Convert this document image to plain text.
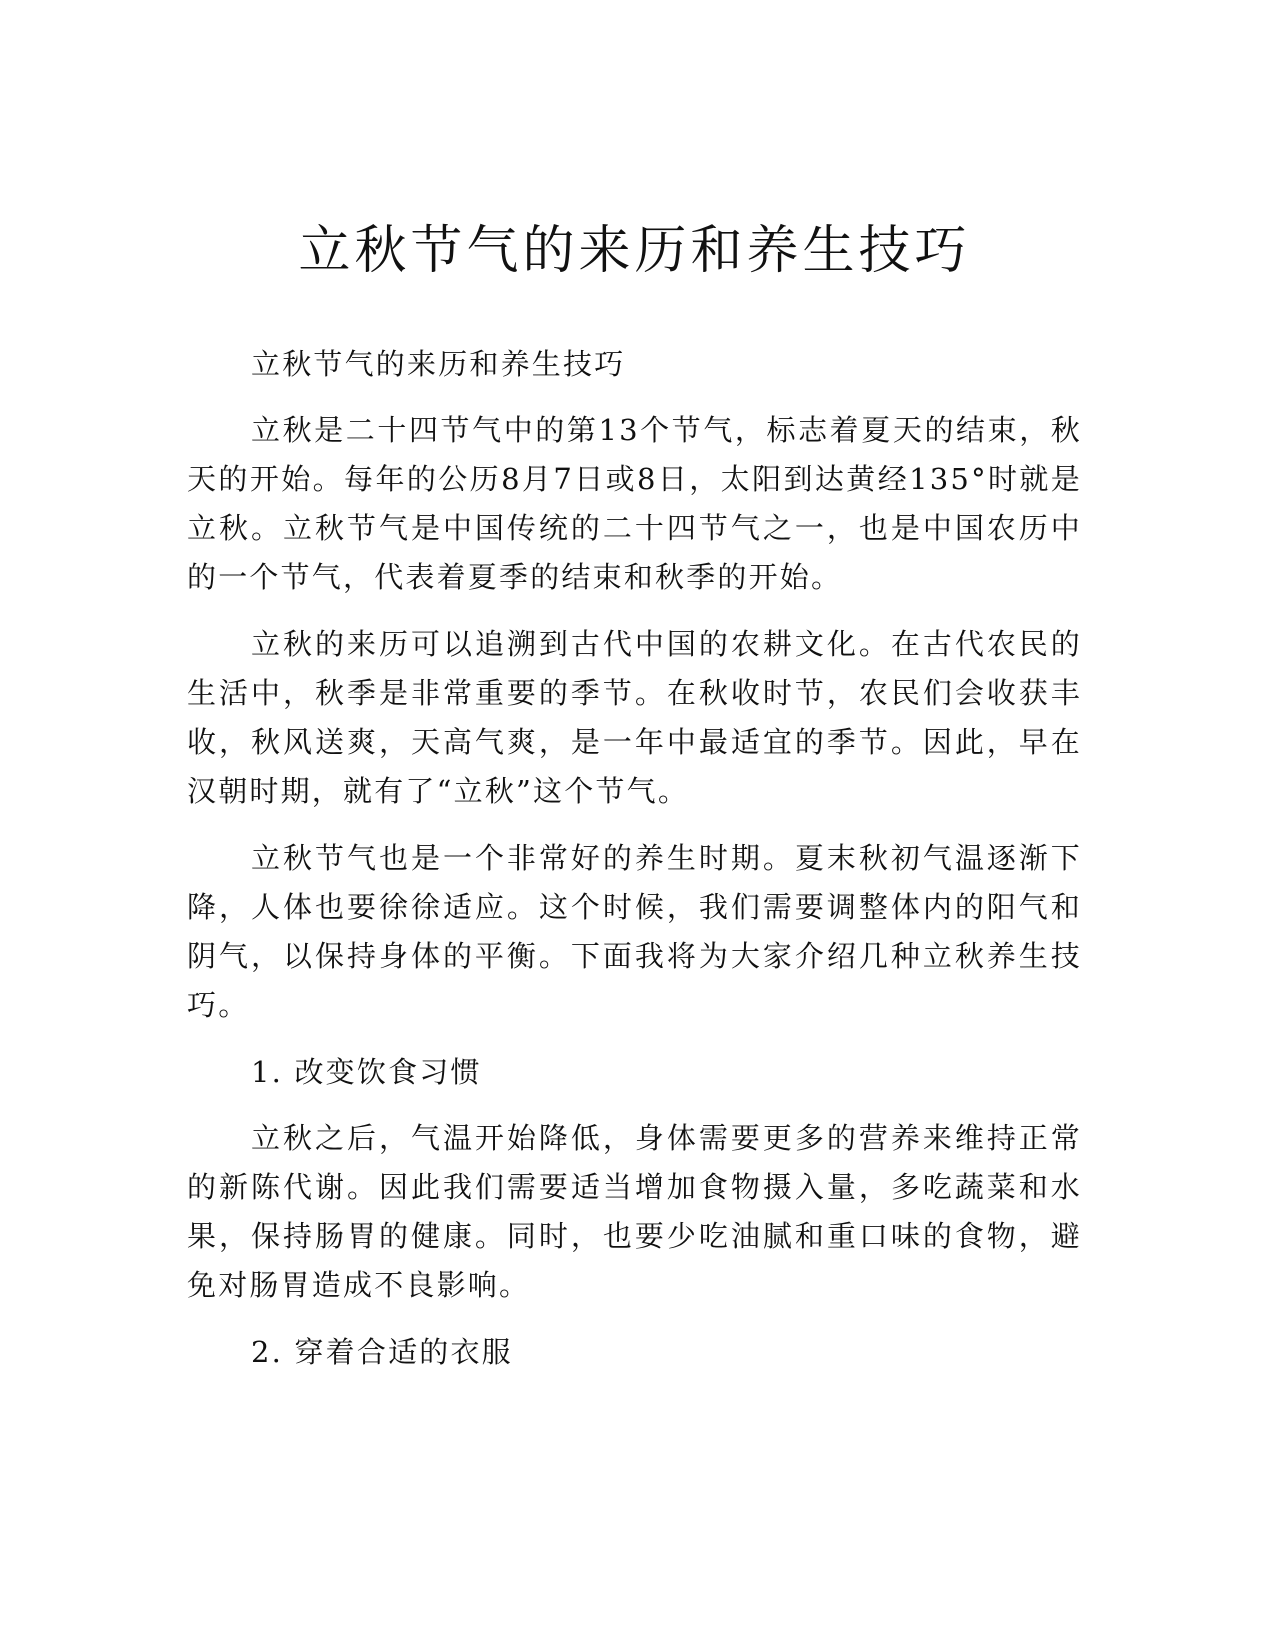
立秋节气的来历和养生技巧

立秋节气的来历和养生技巧

立秋是二十四节气中的第13个节气，标志着夏天的结束，秋天的开始。每年的公历8月7日或8日，太阳到达黄经135°时就是立秋。立秋节气是中国传统的二十四节气之一，也是中国农历中的一个节气，代表着夏季的结束和秋季的开始。

立秋的来历可以追溯到古代中国的农耕文化。在古代农民的生活中，秋季是非常重要的季节。在秋收时节，农民们会收获丰收，秋风送爽，天高气爽，是一年中最适宜的季节。因此，早在汉朝时期，就有了“立秋”这个节气。

立秋节气也是一个非常好的养生时期。夏末秋初气温逐渐下降，人体也要徐徐适应。这个时候，我们需要调整体内的阳气和阴气，以保持身体的平衡。下面我将为大家介绍几种立秋养生技巧。

1. 改变饮食习惯

立秋之后，气温开始降低，身体需要更多的营养来维持正常的新陈代谢。因此我们需要适当增加食物摄入量，多吃蔬菜和水果，保持肠胃的健康。同时，也要少吃油腻和重口味的食物，避免对肠胃造成不良影响。

2. 穿着合适的衣服
